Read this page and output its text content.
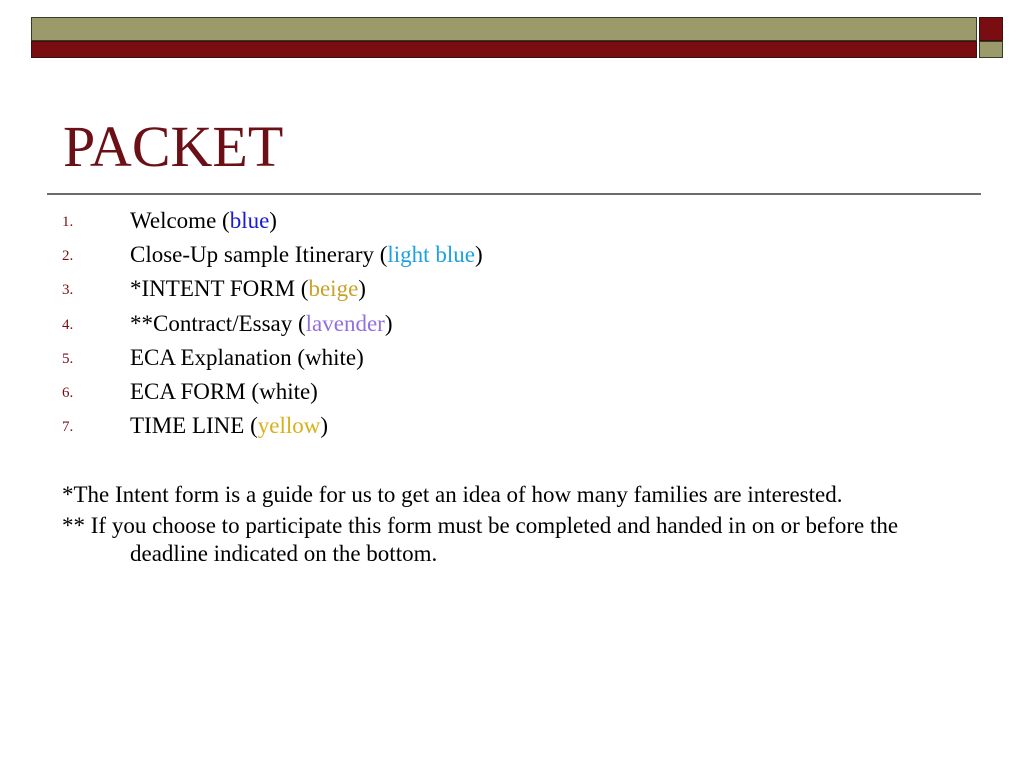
PACKET
1. Welcome (blue)
2. Close-Up sample Itinerary (light blue)
3. *INTENT FORM (beige)
4. **Contract/Essay (lavender)
5. ECA Explanation (white)
6. ECA FORM (white)
7. TIME LINE (yellow)

*The Intent form is a guide for us to get an idea of how many families are interested.

** If you choose to participate this form must be completed and handed in on or before the deadline indicated on the bottom.
